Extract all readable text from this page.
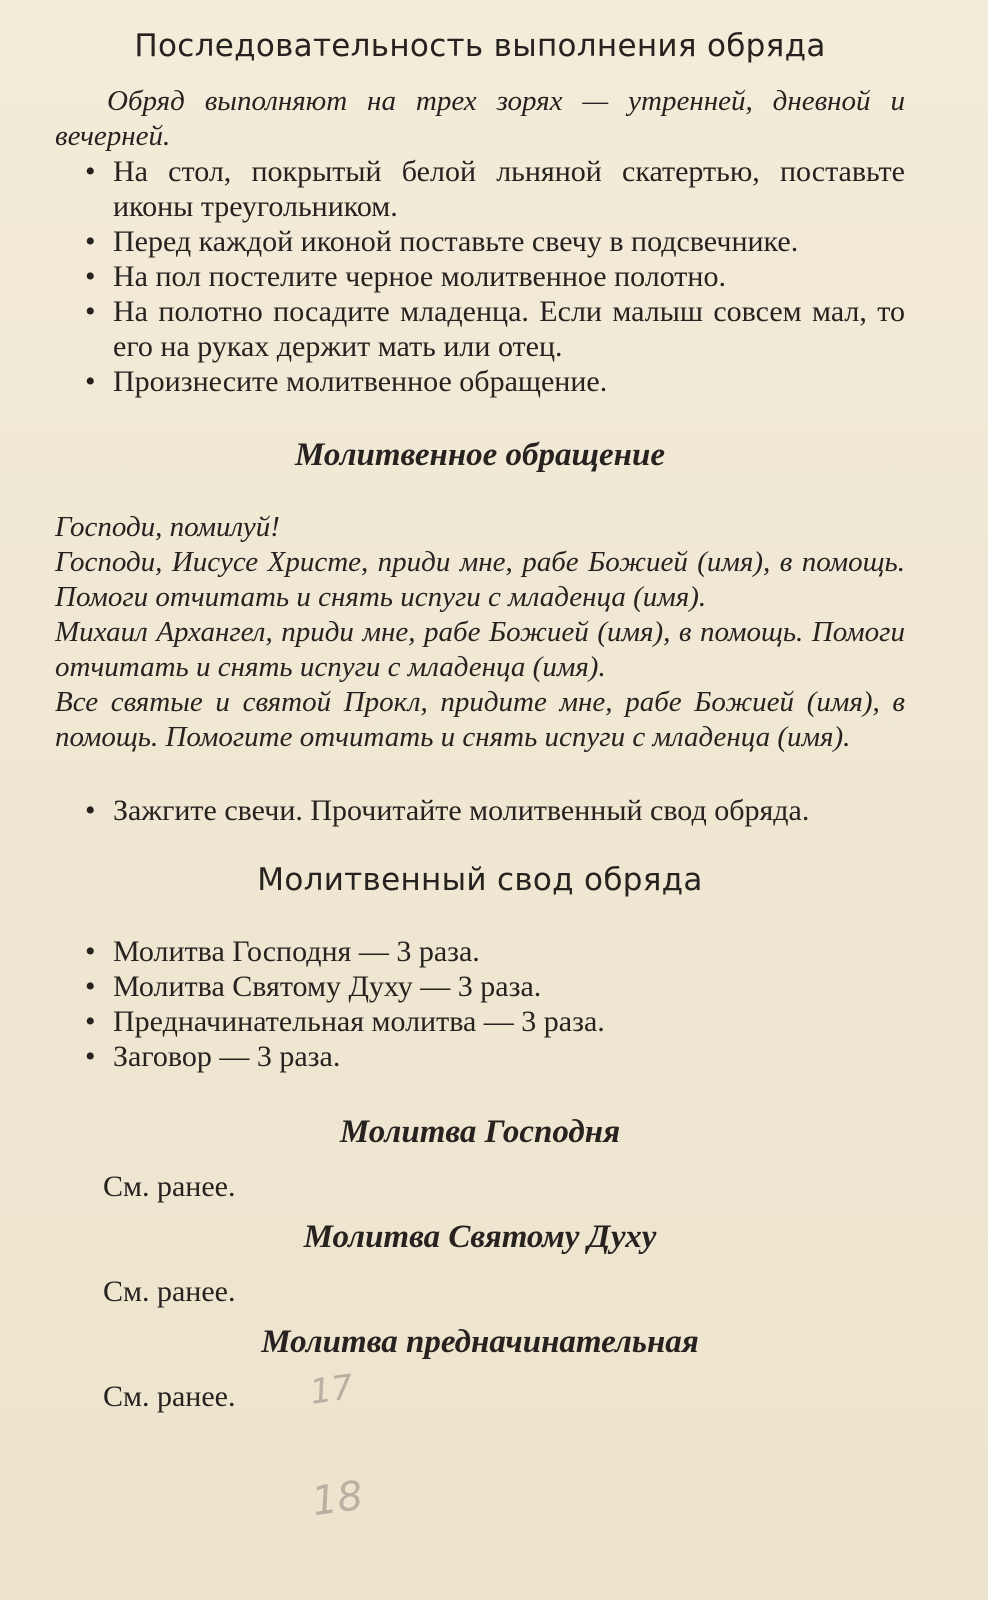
Последовательность выполнения обряда

Обряд выполняют на трех зорях — утренней, дневной и вечерней.

• На стол, покрытый белой льняной скатертью, поставьте иконы треугольником.
• Перед каждой иконой поставьте свечу в подсвечнике.
• На пол постелите черное молитвенное полотно.
• На полотно посадите младенца. Если малыш совсем мал, то его на руках держит мать или отец.
• Произнесите молитвенное обращение.
Молитвенное обращение

Господи, помилуй!

Господи, Иисусе Христе, приди мне, рабе Божией (имя), в помощь. Помоги отчитать и снять испуги с младенца (имя).

Михаил Архангел, приди мне, рабе Божией (имя), в помощь. Помоги отчитать и снять испуги с младенца (имя).

Все святые и святой Прокл, придите мне, рабе Божией (имя), в помощь. Помогите отчитать и снять испуги с младенца (имя).

• Зажгите свечи. Прочитайте молитвенный свод обряда.
Молитвенный свод обряда
• Молитва Господня — 3 раза.
• Молитва Святому Духу — 3 раза.
• Предначинательная молитва — 3 раза.
• Заговор — 3 раза.
Молитва Господня

См. ранее.

Молитва Святому Духу

См. ранее.

Молитва предначинательная

См. ранее.	17
18
